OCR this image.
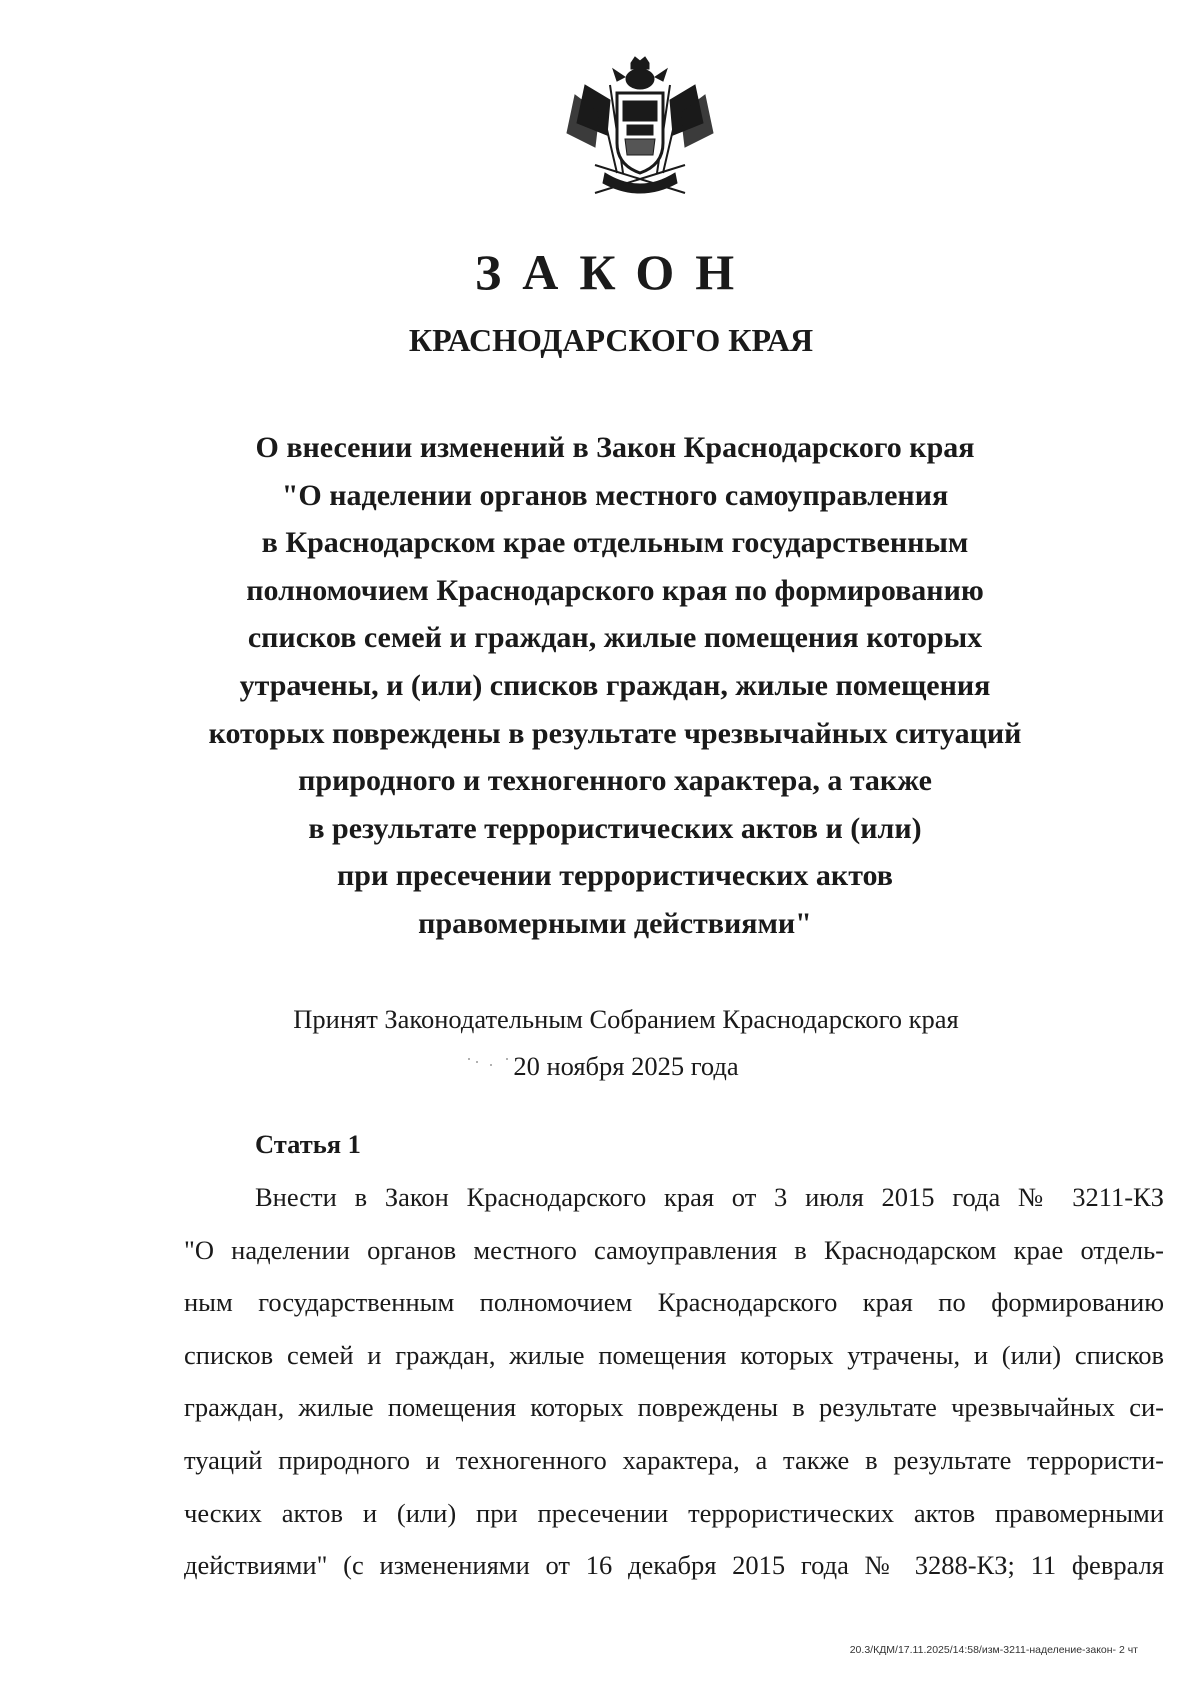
ЗАКОН
КРАСНОДАРСКОГО КРАЯ
О внесении изменений в Закон Краснодарского края
"О наделении органов местного самоуправления
в Краснодарском крае отдельным государственным
полномочием Краснодарского края по формированию
списков семей и граждан, жилые помещения которых
утрачены, и (или) списков граждан, жилые помещения
которых повреждены в результате чрезвычайных ситуаций
природного и техногенного характера, а также
в результате террористических актов и (или)
при пресечении террористических актов
правомерными действиями"
Принят Законодательным Собранием Краснодарского края
20 ноября 2025 года
Статья 1
Внести в Закон Краснодарского края от 3 июля 2015 года № 3211-КЗ
"О наделении органов местного самоуправления в Краснодарском крае отдель-
ным государственным полномочием Краснодарского края по формированию
списков семей и граждан, жилые помещения которых утрачены, и (или) списков
граждан, жилые помещения которых повреждены в результате чрезвычайных си-
туаций природного и техногенного характера, а также в результате террористи-
ческих актов и (или) при пресечении террористических актов правомерными
действиями" (с изменениями от 16 декабря 2015 года № 3288-КЗ; 11 февраля
20.3/КДМ/17.11.2025/14:58/изм-3211-наделение-закон- 2 чт
